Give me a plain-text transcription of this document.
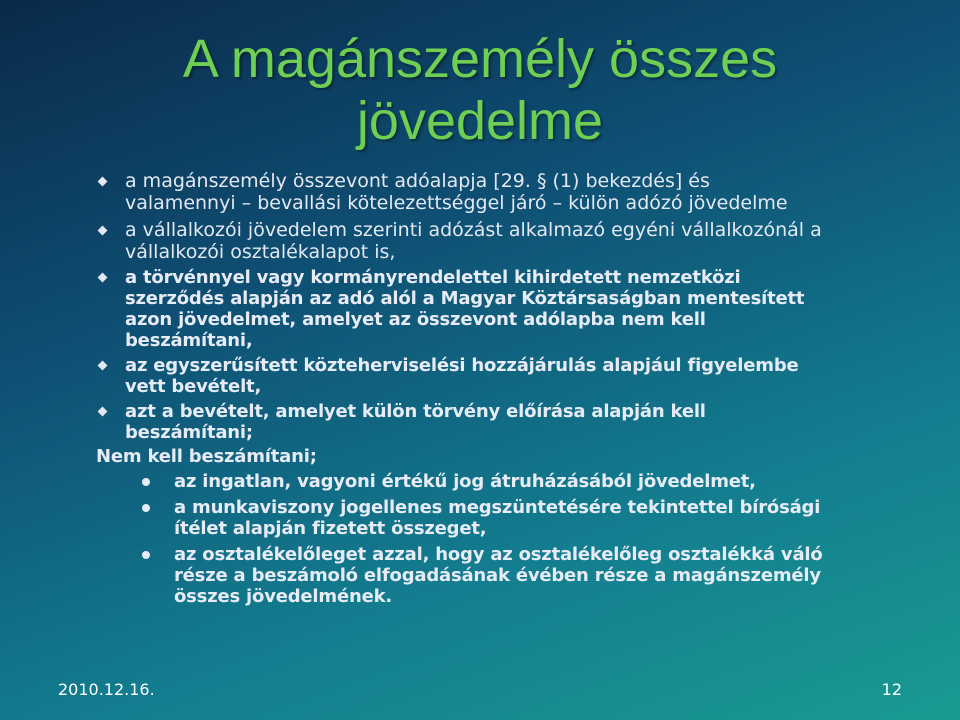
A magánszemély összes
jövedelme
a magánszemély összevont adóalapja [29. § (1) bekezdés] és valamennyi – bevallási kötelezettséggel járó – külön adózó jövedelme
a vállalkozói jövedelem szerinti adózást alkalmazó egyéni vállalkozónál a vállalkozói osztalékalapot is,
a törvénnyel vagy kormányrendelettel kihirdetett nemzetközi szerződés alapján az adó alól a Magyar Köztársaságban mentesített azon jövedelmet, amelyet az összevont adólapba nem kell beszámítani,
az egyszerűsített közteherviselési hozzájárulás alapjául figyelembe vett bevételt,
azt a bevételt, amelyet külön törvény előírása alapján kell beszámítani;
Nem kell beszámítani;
az ingatlan, vagyoni értékű jog átruházásából jövedelmet,
a munkaviszony jogellenes megszüntetésére tekintettel bírósági ítélet alapján fizetett összeget,
az osztalékelőleget azzal, hogy az osztalékelőleg osztalékká váló része a beszámoló elfogadásának évében része a magánszemély összes jövedelmének.
2010.12.16.	12
